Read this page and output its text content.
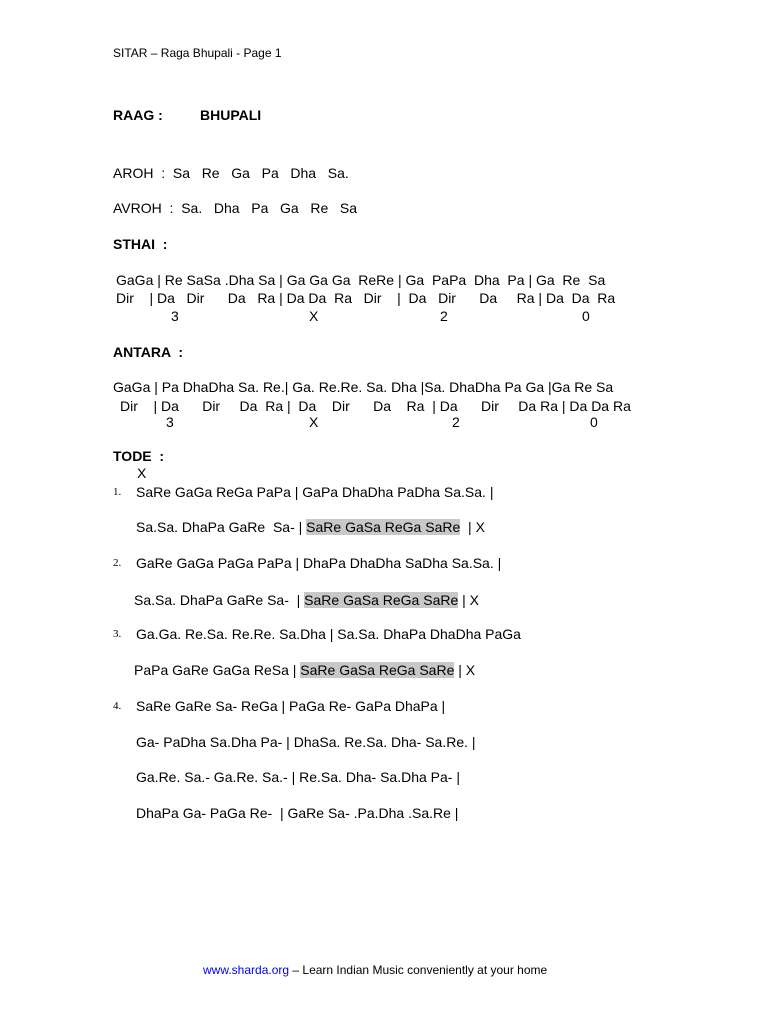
SITAR – Raga Bhupali - Page 1
RAAG :	BHUPALI
AROH  :  Sa   Re   Ga   Pa   Dha   Sa.
AVROH  :  Sa.   Dha   Pa   Ga   Re   Sa
STHAI  :
GaGa | Re SaSa .Dha Sa | Ga Ga Ga  ReRe | Ga  PaPa  Dha  Pa | Ga  Re  Sa
Dir    | Da   Dir      Da   Ra | Da Da  Ra   Dir    |  Da   Dir      Da     Ra | Da  Da  Ra
3	X	2	0
ANTARA  :
GaGa | Pa DhaDha Sa. Re.| Ga. Re.Re. Sa. Dha |Sa. DhaDha Pa Ga |Ga Re Sa
Dir    | Da      Dir     Da  Ra |  Da    Dir      Da    Ra  | Da      Dir     Da Ra | Da Da Ra
3	X	2	0
TODE  :
X
1. SaRe GaGa ReGa PaPa | GaPa DhaDha PaDha Sa.Sa. |
Sa.Sa. DhaPa GaRe  Sa- | SaRe GaSa ReGa SaRe  | X
2. GaRe GaGa PaGa PaPa | DhaPa DhaDha SaDha Sa.Sa. |
Sa.Sa. DhaPa GaRe Sa-  | SaRe GaSa ReGa SaRe | X
3. Ga.Ga. Re.Sa. Re.Re. Sa.Dha | Sa.Sa. DhaPa DhaDha PaGa
PaPa GaRe GaGa ReSa | SaRe GaSa ReGa SaRe | X
4. SaRe GaRe Sa- ReGa | PaGa Re- GaPa DhaPa |
Ga- PaDha Sa.Dha Pa- | DhaSa. Re.Sa. Dha- Sa.Re. |
Ga.Re. Sa.- Ga.Re. Sa.- | Re.Sa. Dha- Sa.Dha Pa- |
DhaPa Ga- PaGa Re-  | GaRe Sa- .Pa.Dha .Sa.Re |
www.sharda.org – Learn Indian Music conveniently at your home
